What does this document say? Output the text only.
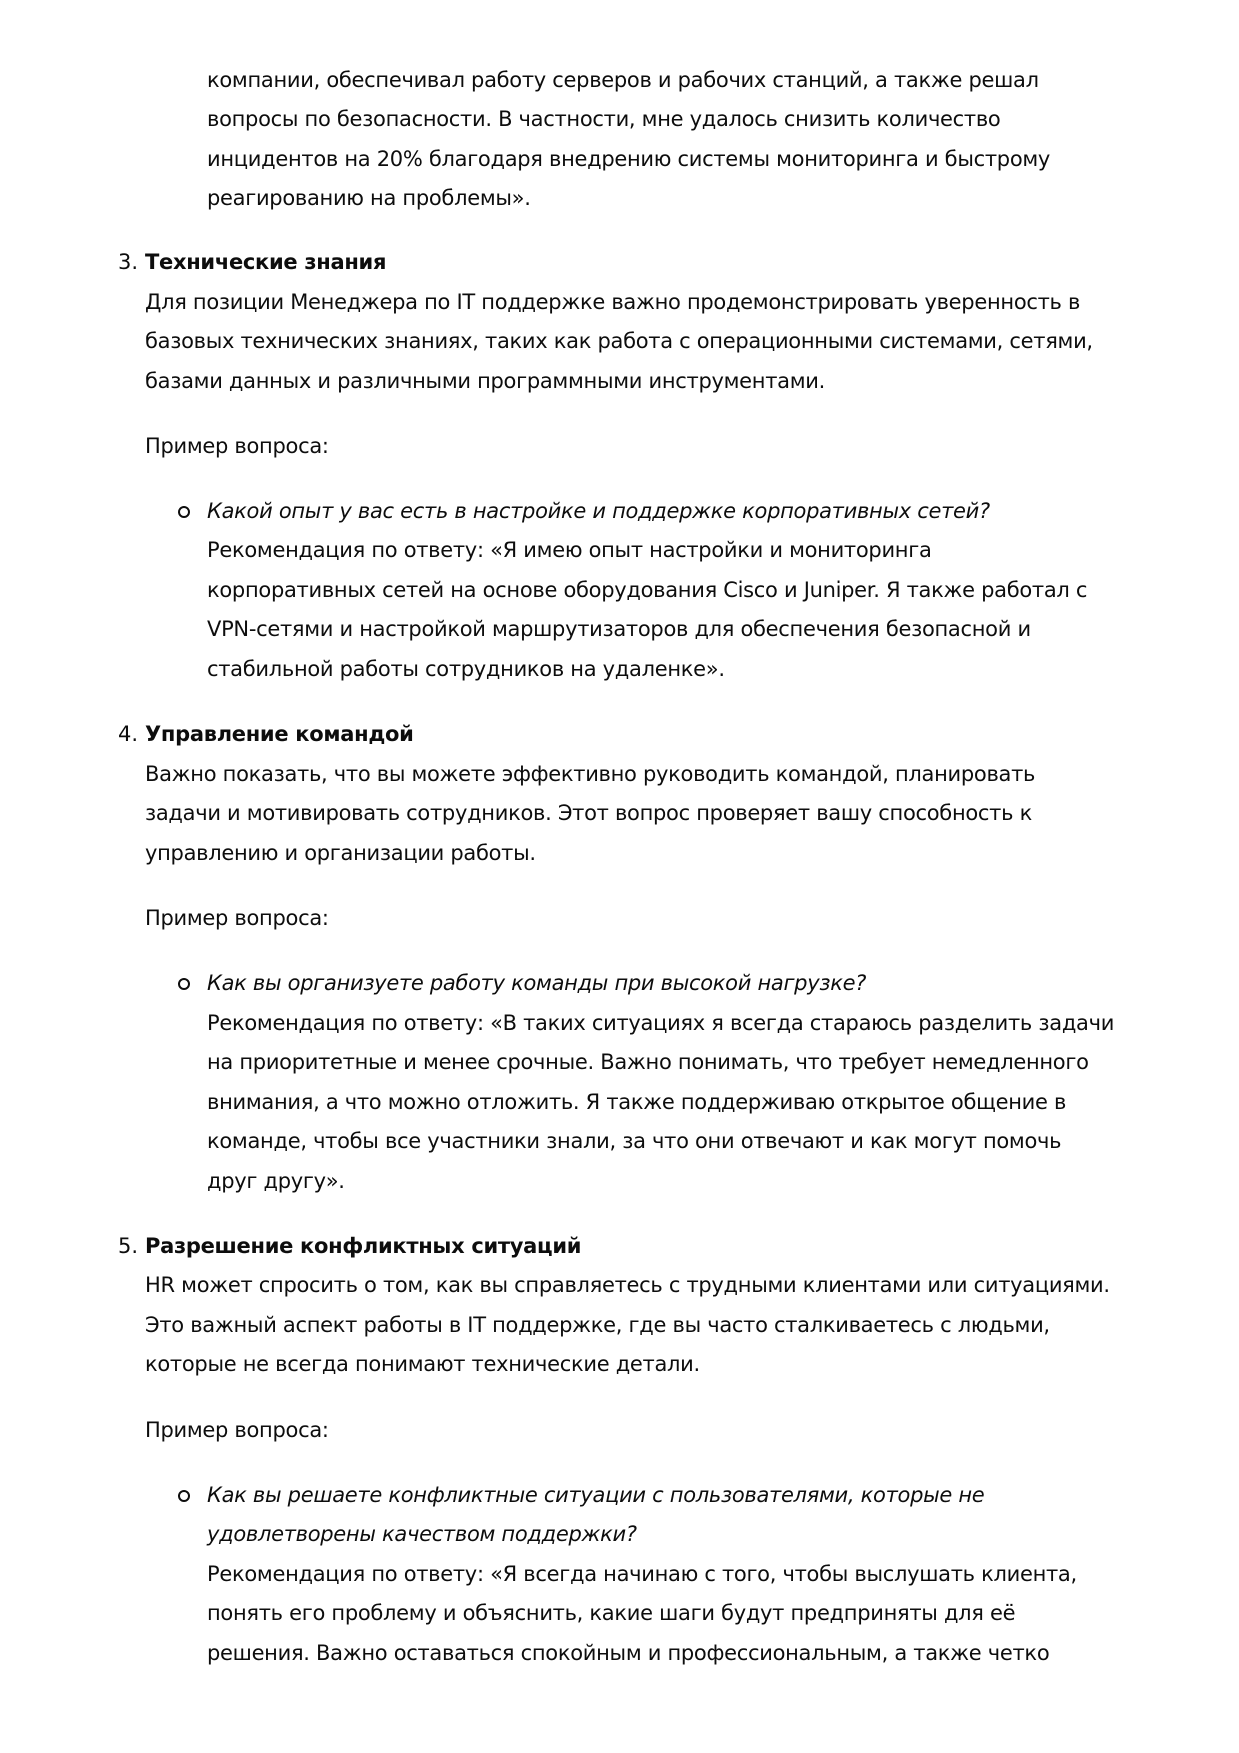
компании, обеспечивал работу серверов и рабочих станций, а также решал
вопросы по безопасности. В частности, мне удалось снизить количество
инцидентов на 20% благодаря внедрению системы мониторинга и быстрому
реагированию на проблемы».
3. Технические знания
Для позиции Менеджера по IT поддержке важно продемонстрировать уверенность в
базовых технических знаниях, таких как работа с операционными системами, сетями,
базами данных и различными программными инструментами.
Пример вопроса:
Какой опыт у вас есть в настройке и поддержке корпоративных сетей?
Рекомендация по ответу: «Я имею опыт настройки и мониторинга
корпоративных сетей на основе оборудования Cisco и Juniper. Я также работал с
VPN-сетями и настройкой маршрутизаторов для обеспечения безопасной и
стабильной работы сотрудников на удаленке».
4. Управление командой
Важно показать, что вы можете эффективно руководить командой, планировать
задачи и мотивировать сотрудников. Этот вопрос проверяет вашу способность к
управлению и организации работы.
Пример вопроса:
Как вы организуете работу команды при высокой нагрузке?
Рекомендация по ответу: «В таких ситуациях я всегда стараюсь разделить задачи
на приоритетные и менее срочные. Важно понимать, что требует немедленного
внимания, а что можно отложить. Я также поддерживаю открытое общение в
команде, чтобы все участники знали, за что они отвечают и как могут помочь
друг другу».
5. Разрешение конфликтных ситуаций
HR может спросить о том, как вы справляетесь с трудными клиентами или ситуациями.
Это важный аспект работы в IT поддержке, где вы часто сталкиваетесь с людьми,
которые не всегда понимают технические детали.
Пример вопроса:
Как вы решаете конфликтные ситуации с пользователями, которые не
удовлетворены качеством поддержки?
Рекомендация по ответу: «Я всегда начинаю с того, чтобы выслушать клиента,
понять его проблему и объяснить, какие шаги будут предприняты для её
решения. Важно оставаться спокойным и профессиональным, а также четко
